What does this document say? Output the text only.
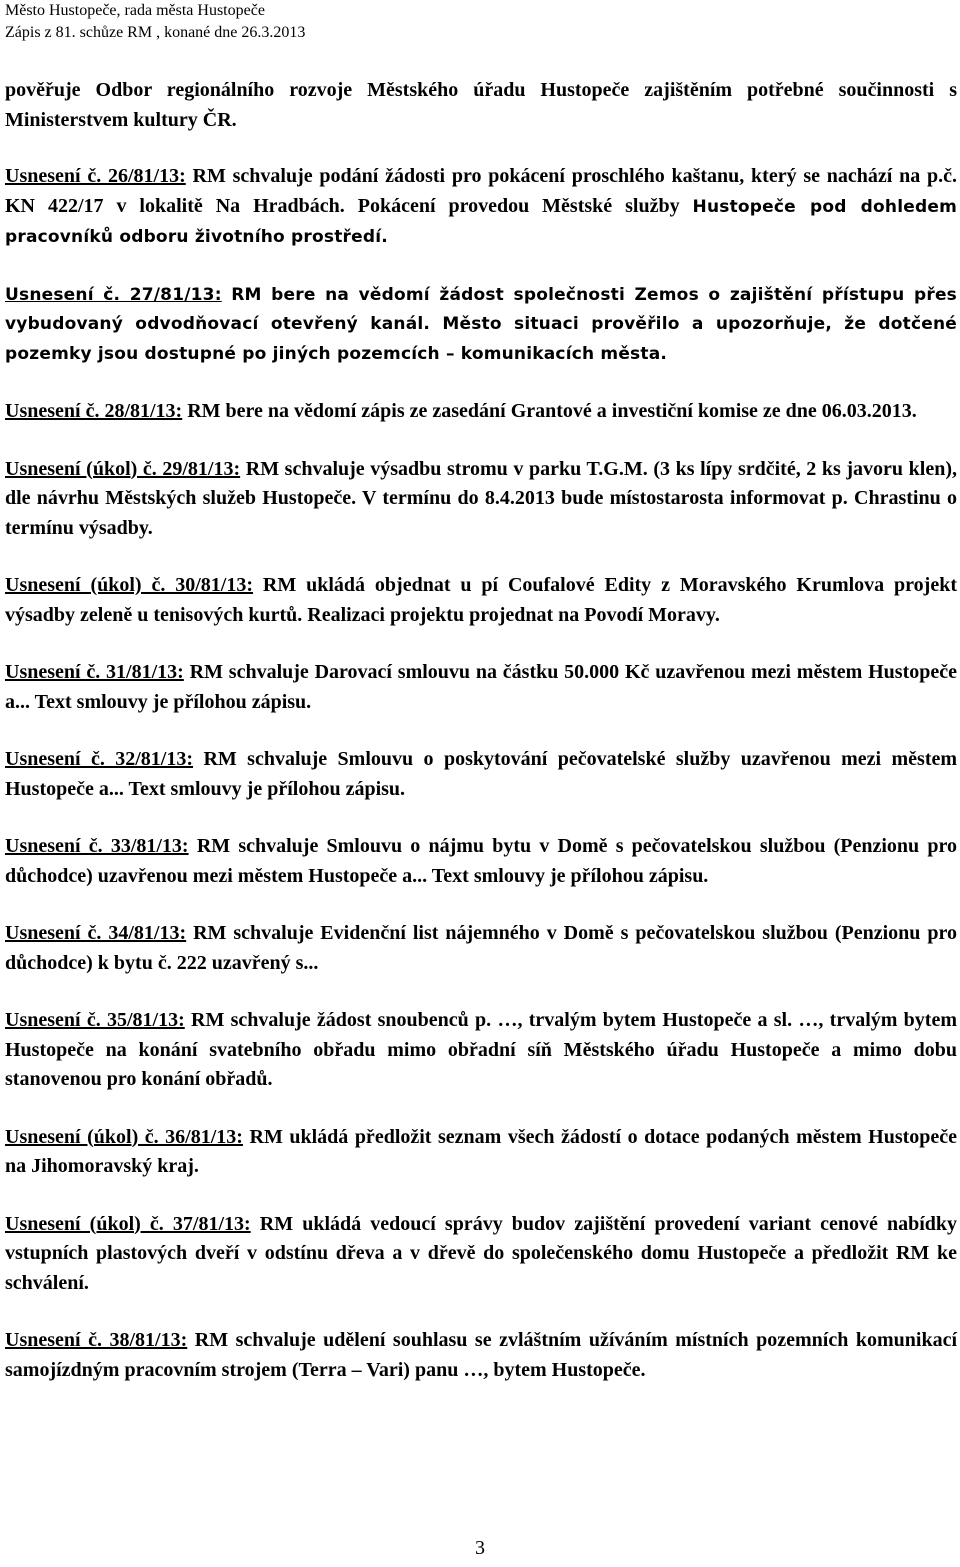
Město Hustopeče, rada města Hustopeče
Zápis z 81. schůze RM , konané dne 26.3.2013

pověřuje Odbor regionálního rozvoje Městského úřadu Hustopeče zajištěním potřebné součinnosti s Ministerstvem kultury ČR.

Usnesení č. 26/81/13: RM schvaluje podání žádosti pro pokácení proschlého kaštanu, který se nachází na p.č. KN 422/17 v lokalitě Na Hradbách. Pokácení provedou Městské služby Hustopeče pod dohledem pracovníků odboru životního prostředí.

Usnesení č. 27/81/13: RM bere na vědomí žádost společnosti Zemos o zajištění přístupu přes vybudovaný odvodňovací otevřený kanál. Město situaci prověřilo a upozorňuje, že dotčené pozemky jsou dostupné po jiných pozemcích – komunikacích města.

Usnesení č. 28/81/13: RM bere na vědomí zápis ze zasedání Grantové a investiční komise ze dne 06.03.2013.

Usnesení (úkol) č. 29/81/13: RM schvaluje výsadbu stromu v parku T.G.M. (3 ks lípy srdčité, 2 ks javoru klen), dle návrhu Městských služeb Hustopeče. V termínu do 8.4.2013 bude místostarosta informovat p. Chrastinu o termínu výsadby.

Usnesení (úkol) č. 30/81/13: RM ukládá objednat u pí Coufalové Edity z Moravského Krumlova projekt výsadby zeleně u tenisových kurtů. Realizaci projektu projednat na Povodí Moravy.

Usnesení č. 31/81/13: RM schvaluje Darovací smlouvu na částku 50.000 Kč uzavřenou mezi městem Hustopeče a... Text smlouvy je přílohou zápisu.

Usnesení č. 32/81/13: RM schvaluje Smlouvu o poskytování pečovatelské služby uzavřenou mezi městem Hustopeče a... Text smlouvy je přílohou zápisu.

Usnesení č. 33/81/13: RM schvaluje Smlouvu o nájmu bytu v Domě s pečovatelskou službou (Penzionu pro důchodce) uzavřenou mezi městem Hustopeče a... Text smlouvy je přílohou zápisu.

Usnesení č. 34/81/13: RM schvaluje Evidenční list nájemného v Domě s pečovatelskou službou (Penzionu pro důchodce) k bytu č. 222 uzavřený s...

Usnesení č. 35/81/13: RM schvaluje žádost snoubenců p. …, trvalým bytem Hustopeče a sl. …, trvalým bytem Hustopeče na konání svatebního obřadu mimo obřadní síň Městského úřadu Hustopeče a mimo dobu stanovenou pro konání obřadů.

Usnesení (úkol) č. 36/81/13: RM ukládá předložit seznam všech žádostí o dotace podaných městem Hustopeče na Jihomoravský kraj.

Usnesení (úkol) č. 37/81/13: RM ukládá vedoucí správy budov zajištění provedení variant cenové nabídky vstupních plastových dveří v odstínu dřeva a v dřevě do společenského domu Hustopeče a předložit RM ke schválení.

Usnesení č. 38/81/13: RM schvaluje udělení souhlasu se zvláštním užíváním místních pozemních komunikací samojízdným pracovním strojem (Terra – Vari) panu …, bytem Hustopeče.

3
